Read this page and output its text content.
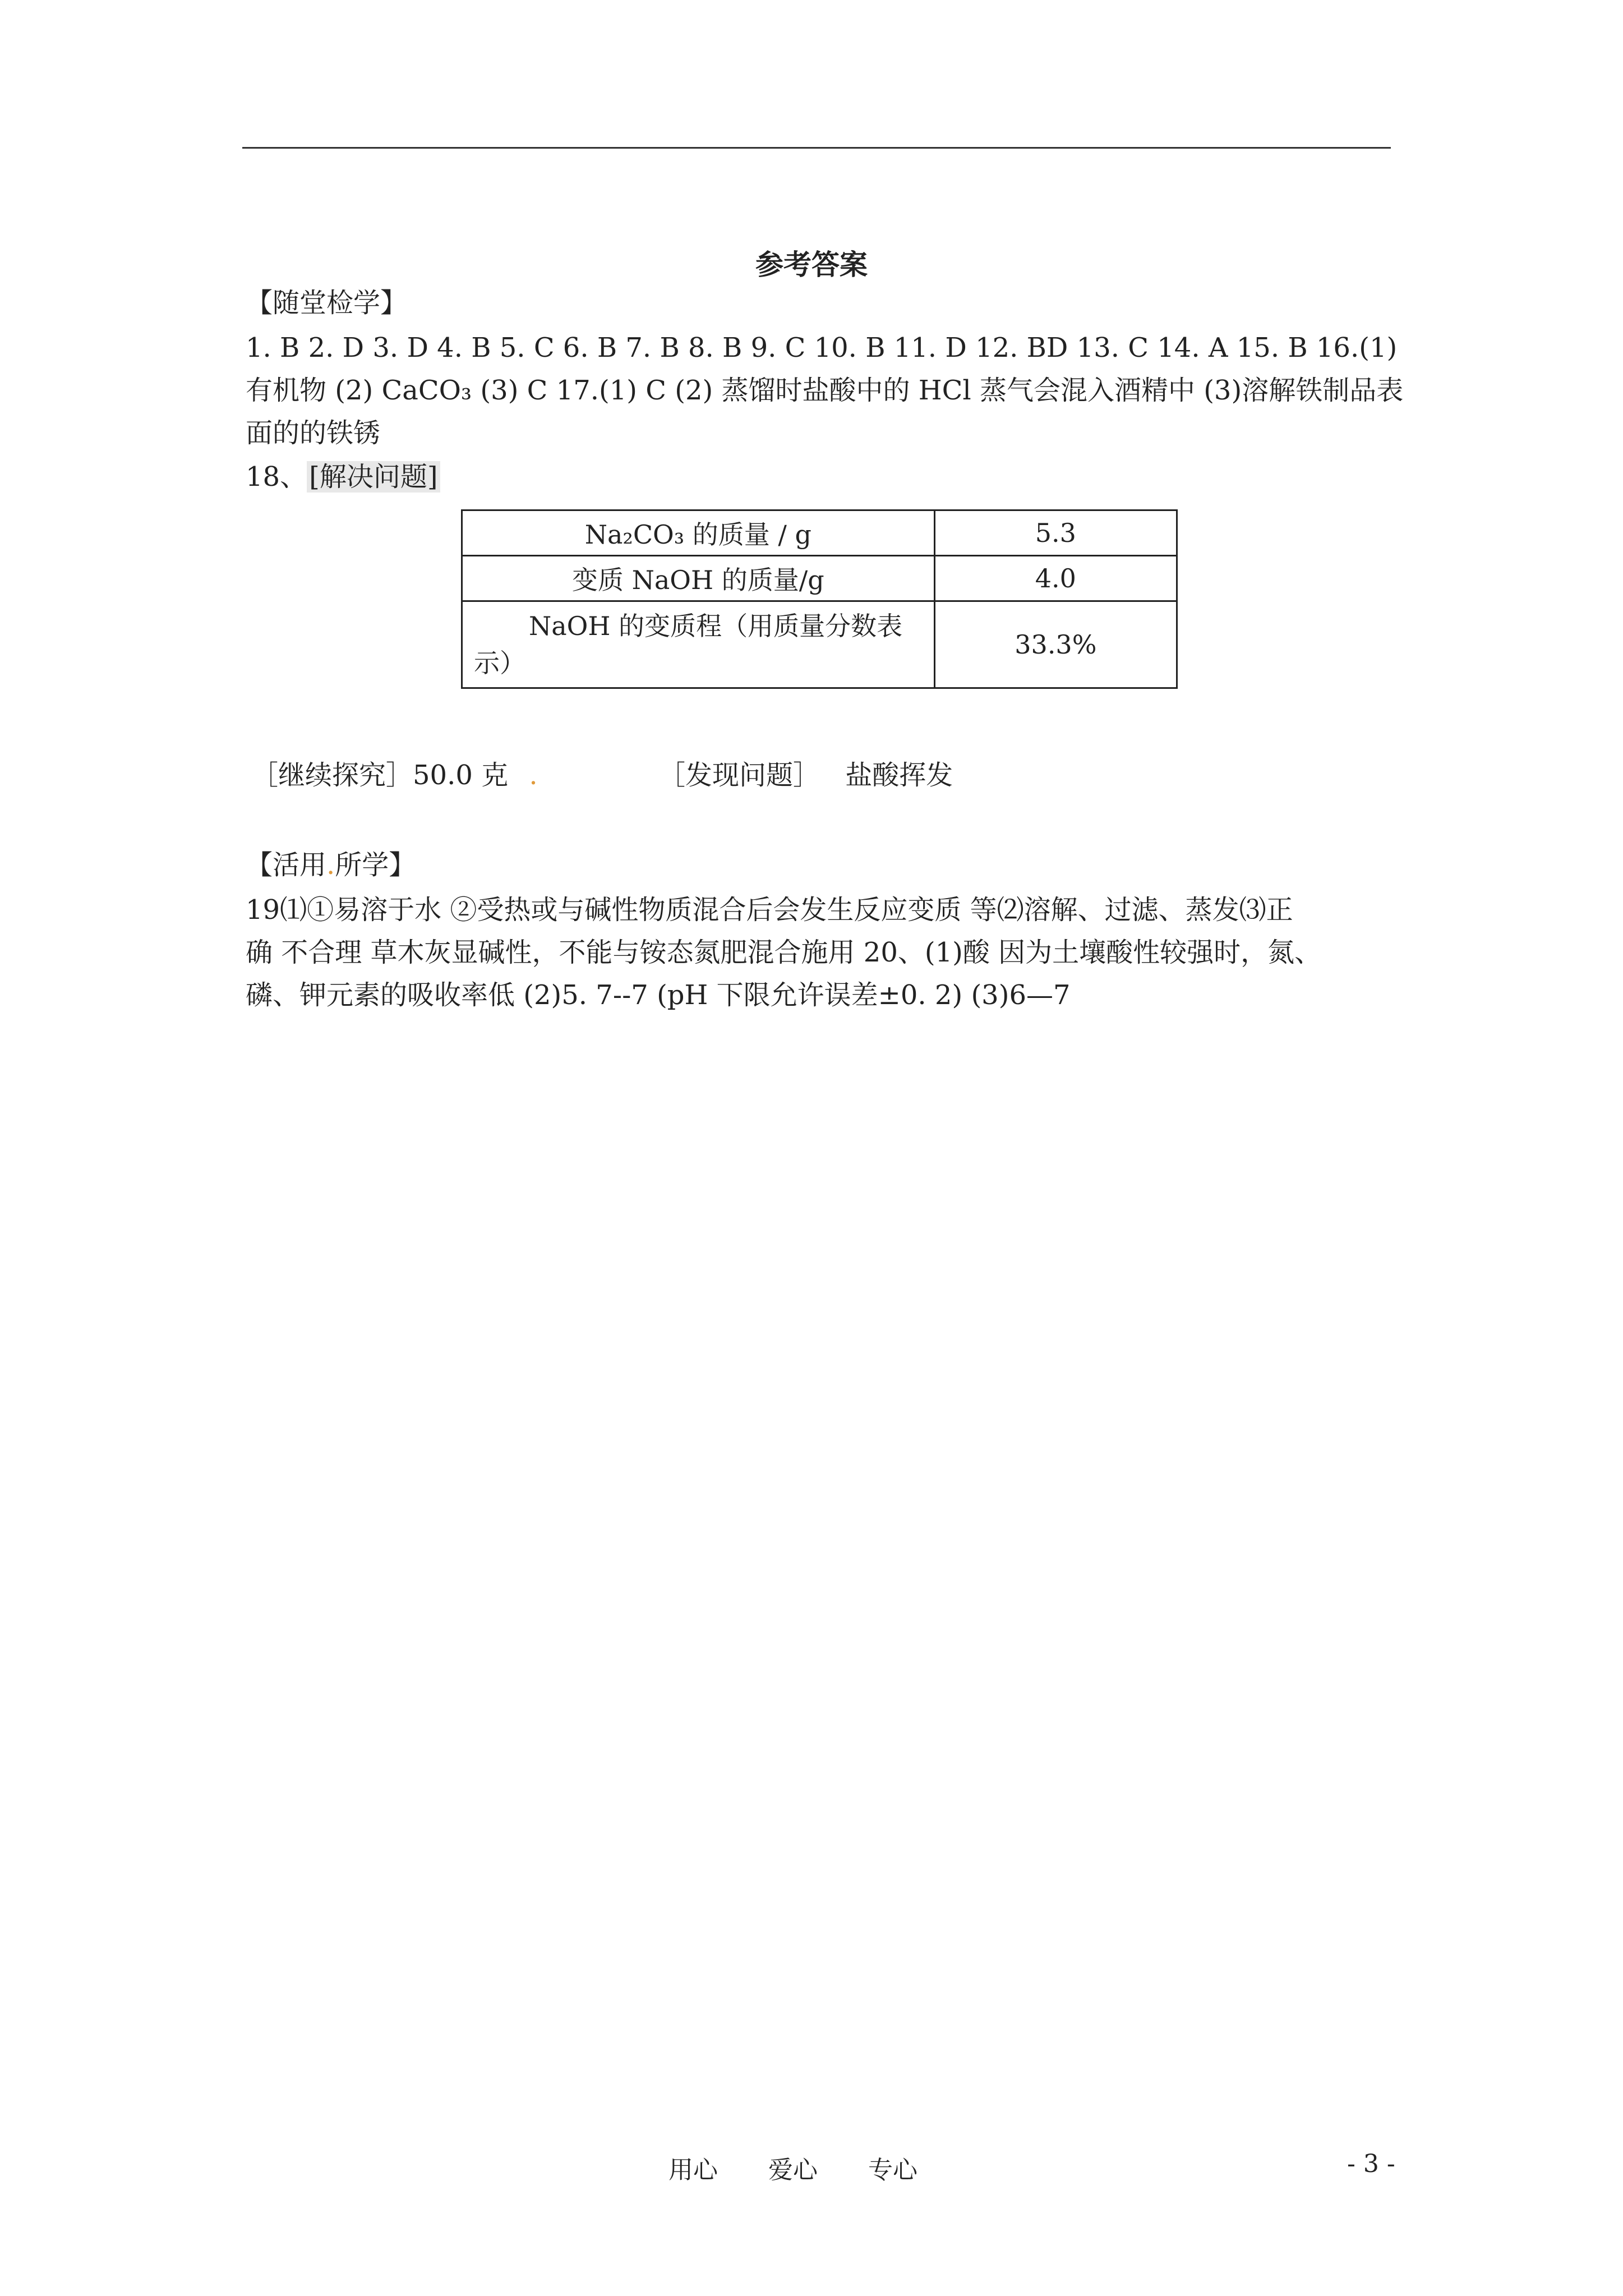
参考答案
【随堂检学】
1. B 2. D 3. D 4. B 5. C 6. B 7. B 8. B 9. C 10. B 11. D 12. BD 13. C 14. A 15. B 16.(1)
有机物 (2) CaCO₃ (3) C 17.(1) C (2) 蒸馏时盐酸中的 HCl 蒸气会混入酒精中 (3)溶解铁制品表
面的的铁锈
18、[解决问题]
Na₂CO₃ 的质量 / g	5.3
变质 NaOH 的质量/g	4.0
NaOH 的变质程（用质量分数表示）	33.3%
［继续探究］50.0 克 .	［发现问题］ 盐酸挥发
【活用.所学】
19⑴①易溶于水 ②受热或与碱性物质混合后会发生反应变质 等⑵溶解、过滤、蒸发⑶正
确 不合理 草木灰显碱性，不能与铵态氮肥混合施用 20、(1)酸 因为土壤酸性较强时，氮、
磷、钾元素的吸收率低 (2)5. 7--7 (pH 下限允许误差±0. 2) (3)6—7
用心 爱心 专心	- 3 -
